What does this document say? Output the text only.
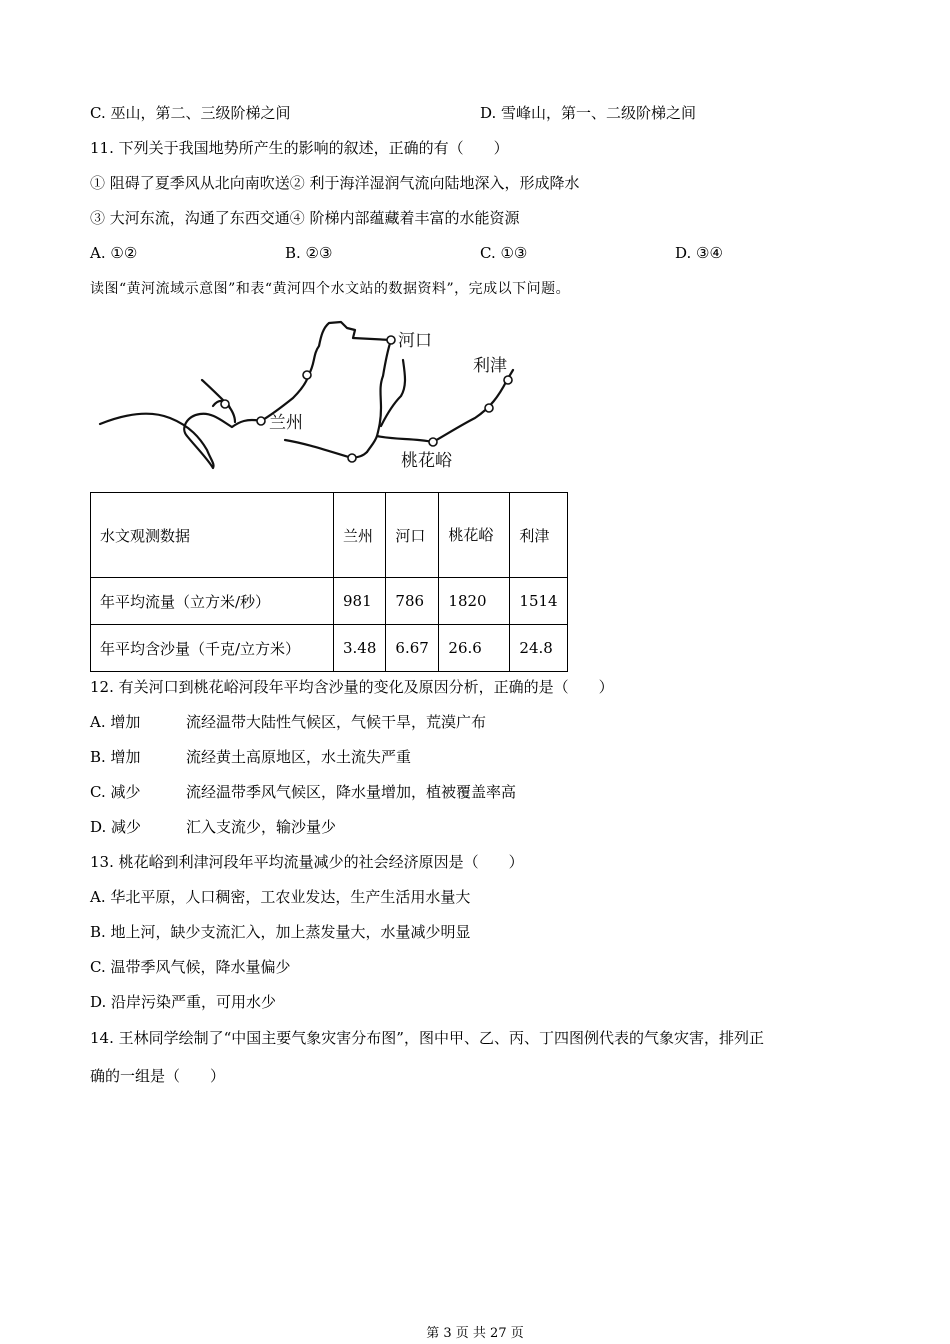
C. 巫山，第二、三级阶梯之间	D. 雪峰山，第一、二级阶梯之间
11. 下列关于我国地势所产生的影响的叙述，正确的有（　　）
① 阻碍了夏季风从北向南吹送② 利于海洋湿润气流向陆地深入，形成降水
③ 大河东流，沟通了东西交通④ 阶梯内部蕴藏着丰富的水能资源
A. ①②	B. ②③	C. ①③	D. ③④
读图“黄河流域示意图”和表“黄河四个水文站的数据资料”，完成以下问题。
河口
利津
兰州
桃花峪
水文观测数据	兰州	河口	桃花峪	利津
年平均流量（立方米/秒）	981	786	1820	1514
年平均含沙量（千克/立方米）	3.48	6.67	26.6	24.8
12. 有关河口到桃花峪河段年平均含沙量的变化及原因分析，正确的是（　　）
A. 增加	流经温带大陆性气候区，气候干旱，荒漠广布
B. 增加	流经黄土高原地区，水土流失严重
C. 减少	流经温带季风气候区，降水量增加，植被覆盖率高
D. 减少	汇入支流少，输沙量少
13. 桃花峪到利津河段年平均流量减少的社会经济原因是（　　）
A. 华北平原，人口稠密，工农业发达，生产生活用水量大
B. 地上河，缺少支流汇入，加上蒸发量大，水量减少明显
C. 温带季风气候，降水量偏少
D. 沿岸污染严重，可用水少
14. 王林同学绘制了“中国主要气象灾害分布图”，图中甲、乙、丙、丁四图例代表的气象灾害，排列正
确的一组是（　　）
第 3 页 共 27 页
